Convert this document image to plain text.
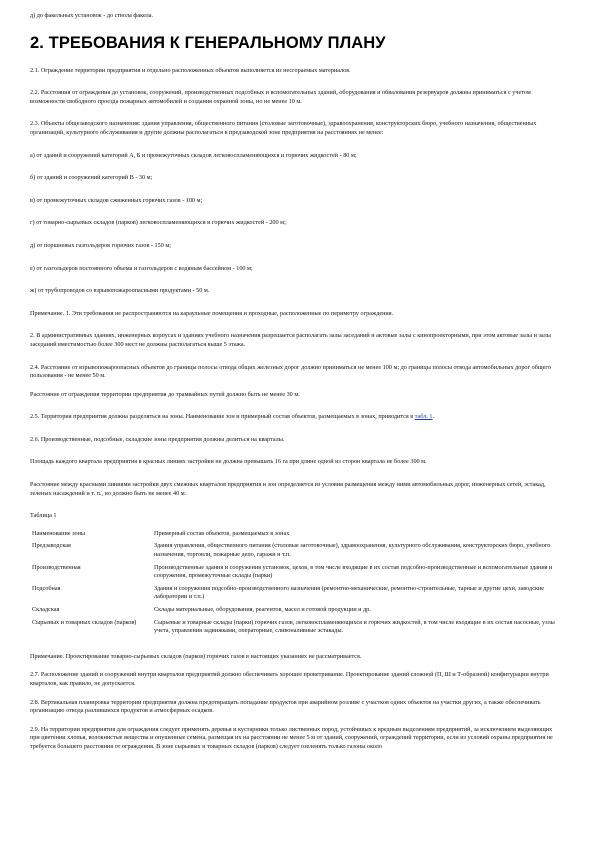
д) до факельных установок - до ствола факела.

2. ТРЕБОВАНИЯ К ГЕНЕРАЛЬНОМУ ПЛАНУ

2.1. Ограждение территории предприятия и отдельно расположенных объектов выполняется из несгораемых материалов.

2.2. Расстояния от ограждения до установок, сооружений, производственных подсобных и вспомогательных зданий, оборудования и обвалования резервуаров должны приниматься с учетом возможности свободного проезда пожарных автомобилей и создания охранной зоны, но не менее 10 м.

2.3. Объекты общезаводского назначения: здания управления, общественного питания (столовые заготовочные), здравоохранения, конструкторских бюро, учебного назначения, общественных организаций, культурного обслуживания и другие должны располагаться в предзаводской зоне предприятия на расстояниях не менее:

а) от зданий и сооружений категорий А, Б и промежуточных складов легковоспламеняющихся и горючих жидкостей - 80 м;

б) от зданий и сооружений категорий В - 30 м;

в) от промежуточных складов сжиженных горючих газов - 100 м;

г) от товарно-сырьевых складов (парков) легковоспламеняющихся и горючих жидкостей - 200 м;

д) от поршневых газгольдеров горючих газов - 150 м;

е) от газгольдеров постоянного объема и газгольдеров с водяным бассейном - 100 м;

ж) от трубопроводов со взрывопожароопасными продуктами - 50 м.

Примечание. 1. Эти требования не распространяются на караульные помещения и проходные, расположенные по периметру ограждения.

2. В административных зданиях, инженерных корпусах и зданиях учебного назначения разрешается располагать залы заседаний и актовые залы с кинопроекторными, при этом актовые залы и залы заседаний вместимостью более 300 мест не должны располагаться выше 5 этажа.

2.4. Расстояние от взрывопожароопасных объектов до границы полосы отвода общих железных дорог должно приниматься не менее 100 м; до границы полосы отвода автомобильных дорог общего пользования - не менее 50 м.

Расстояние от ограждения территории предприятия до трамвайных путей должно быть не менее 30 м.

2.5. Территория предприятия должна разделяться на зоны. Наименование зон и примерный состав объектов, размещаемых в зонах, приводится в табл. 1.

2.6. Производственные, подсобные, складские зоны предприятия должны делиться на кварталы.

Площадь каждого квартала предприятия в красных линиях застройки не должна превышать 16 га при длине одной из сторон квартала не более 300 м.

Расстояние между красными линиями застройки двух смежных кварталов предприятия и зон определяется из условия размещения между ними автомобильных дорог, инженерных сетей, эстакад, зеленых насаждений и т. п., но должно быть не менее 40 м.

Таблица 1

Наименование зоны	Примерный состав объектов, размещаемых в зонах
Предзаводская	Здания управления, общественного питания (столовые заготовочные), здравоохранения, культурного обслуживания, конструкторских бюро, учебного назначения, торговли, пожарные депо, гаражи и т.п.
Производственная	Производственные здания и сооружения установок, цехов, в том числе входящие в их состав подсобно-производственные и вспомогательные здания и сооружения, промежуточные склады (парки)
Подсобная	Здания и сооружения подсобно-производственного назначения (ремонтно-механические, ремонтно-строительные, тарные и другие цехи, заводские лаборатории и т.п.)
Складская	Склады материальные, оборудования, реагентов, масел и готовой продукции и др.
Сырьевых и товарных складов (парков)	Сырьевые и товарные склады (парки) горючих газов, легковоспламеняющихся и горючих жидкостей, в том числе входящие в их состав насосные, узлы учета, управления задвижками, операторные, сливоналивные эстакады.

Примечание. Проектирование товарно-сырьевых складов (парков) горючих газов в настоящих указаниях не рассматривается.

2.7. Расположение зданий и сооружений внутри кварталов предприятий должно обеспечивать хорошее проветривание. Проектирование зданий сложной (П, Ш и Т-образной) конфигурации внутри кварталов, как правило, не допускается.

2.8. Вертикальная планировка территории предприятия должна предотвращать попадание продуктов при аварийном розливе с участков одних объектов на участки других, а также обеспечивать организацию отвода разлившихся продуктов и атмосферных осадков.

2.9. На территории предприятия для ограждения следует применять деревья и кустарники только лиственных пород, устойчивых к вредным выделениям предприятий, за исключением выделяющих при цветении хлопья, волокнистые вещества и опушенные семена, размещая их на расстоянии не менее 5 м от зданий, сооружений, ограждений территории, если из условий охраны предприятия не требуется большего расстояния от ограждения. В зоне сырьевых и товарных складов (парков) следует озеленять только газоны около
